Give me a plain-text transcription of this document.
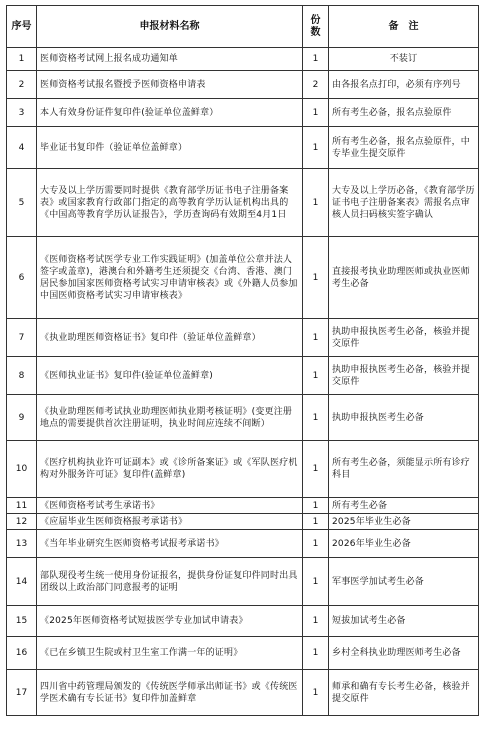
序号	申报材料名称	份数	备　注
1	医师资格考试网上报名成功通知单	1	不装订
2	医师资格考试报名暨授予医师资格申请表	2	由各报名点打印，必须有序列号
3	本人有效身份证件复印件(验证单位盖鲜章）	1	所有考生必备，报名点验原件
4	毕业证书复印件（验证单位盖鲜章）	1	所有考生必备，报名点验原件，中专毕业生提交原件
5	大专及以上学历需要同时提供《教育部学历证书电子注册备案表》或国家教育行政部门指定的高等教育学历认证机构出具的《中国高等教育学历认证报告》，学历查询码有效期至4月1日	1	大专及以上学历必备，《教育部学历证书电子注册备案表》需报名点审核人员扫码核实签字确认
6	《医师资格考试医学专业工作实践证明》(加盖单位公章并法人签字或盖章)，港澳台和外籍考生还须提交《台湾、香港、澳门居民参加国家医师资格考试实习申请审核表》或《外籍人员参加中国医师资格考试实习申请审核表》	1	直接报考执业助理医师或执业医师考生必备
7	《执业助理医师资格证书》复印件（验证单位盖鲜章）	1	执助申报执医考生必备，核验并提交原件
8	《医师执业证书》复印件(验证单位盖鲜章)	1	执助申报执医考生必备，核验并提交原件
9	《执业助理医师考试执业助理医师执业期考核证明》(变更注册地点的需要提供首次注册证明，执业时间应连续不间断）	1	执助申报执医考生必备
10	《医疗机构执业许可证副本》或《诊所备案证》或《军队医疗机构对外服务许可证》复印件(盖鲜章)	1	所有考生必备，须能显示所有诊疗科目
11	《医师资格考试考生承诺书》	1	所有考生必备
12	《应届毕业生医师资格报考承诺书》	1	2025年毕业生必备
13	《当年毕业研究生医师资格考试报考承诺书》	1	2026年毕业生必备
14	部队现役考生统一使用身份证报名，提供身份证复印件同时出具团级以上政治部门同意报考的证明	1	军事医学加试考生必备
15	《2025年医师资格考试短拔医学专业加试申请表》	1	短拔加试考生必备
16	《已在乡镇卫生院或村卫生室工作满一年的证明》	1	乡村全科执业助理医师考生必备
17	四川省中药管理局颁发的《传统医学师承出师证书》或《传统医学医术确有专长证书》复印件加盖鲜章	1	师承和确有专长考生必备，核验并提交原件
